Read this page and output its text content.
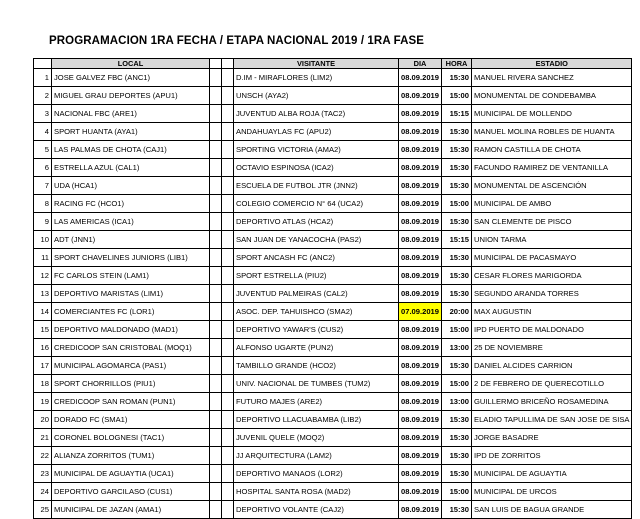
PROGRAMACION 1RA FECHA / ETAPA NACIONAL 2019 / 1RA FASE
	LOCAL			VISITANTE	DIA	HORA	ESTADIO
1	JOSE GALVEZ FBC (ANC1)			D.IM - MIRAFLORES (LIM2)	08.09.2019	15:30	MANUEL RIVERA SANCHEZ
2	MIGUEL GRAU DEPORTES (APU1)			UNSCH (AYA2)	08.09.2019	15:00	MONUMENTAL DE CONDEBAMBA
3	NACIONAL FBC (ARE1)			JUVENTUD ALBA ROJA (TAC2)	08.09.2019	15:15	MUNICIPAL DE MOLLENDO
4	SPORT HUANTA (AYA1)			ANDAHUAYLAS FC (APU2)	08.09.2019	15:30	MANUEL MOLINA ROBLES DE HUANTA
5	LAS PALMAS DE CHOTA (CAJ1)			SPORTING VICTORIA (AMA2)	08.09.2019	15:30	RAMON CASTILLA DE CHOTA
6	ESTRELLA AZUL (CAL1)			OCTAVIO ESPINOSA (ICA2)	08.09.2019	15:30	FACUNDO RAMIREZ DE VENTANILLA
7	UDA (HCA1)			ESCUELA DE FUTBOL JTR (JNN2)	08.09.2019	15:30	MONUMENTAL DE ASCENCIÓN
8	RACING FC (HCO1)			COLEGIO COMERCIO N° 64 (UCA2)	08.09.2019	15:00	MUNICIPAL DE AMBO
9	LAS AMERICAS (ICA1)			DEPORTIVO ATLAS (HCA2)	08.09.2019	15:30	SAN CLEMENTE DE PISCO
10	ADT (JNN1)			SAN JUAN DE YANACOCHA (PAS2)	08.09.2019	15:15	UNION TARMA
11	SPORT CHAVELINES JUNIORS (LIB1)			SPORT ANCASH FC (ANC2)	08.09.2019	15:30	MUNICIPAL DE PACASMAYO
12	FC CARLOS STEIN (LAM1)			SPORT ESTRELLA (PIU2)	08.09.2019	15:30	CESAR FLORES MARIGORDA
13	DEPORTIVO MARISTAS (LIM1)			JUVENTUD PALMEIRAS (CAL2)	08.09.2019	15:30	SEGUNDO ARANDA TORRES
14	COMERCIANTES FC (LOR1)			ASOC. DEP. TAHUISHCO (SMA2)	07.09.2019	20:00	MAX AUGUSTIN
15	DEPORTIVO MALDONADO (MAD1)			DEPORTIVO YAWAR'S (CUS2)	08.09.2019	15:00	IPD PUERTO DE MALDONADO
16	CREDICOOP SAN CRISTOBAL (MOQ1)			ALFONSO UGARTE (PUN2)	08.09.2019	13:00	25 DE NOVIEMBRE
17	MUNICIPAL AGOMARCA (PAS1)			TAMBILLO GRANDE (HCO2)	08.09.2019	15:30	DANIEL ALCIDES CARRION
18	SPORT CHORRILLOS (PIU1)			UNIV. NACIONAL DE TUMBES (TUM2)	08.09.2019	15:00	2 DE FEBRERO DE QUERECOTILLO
19	CREDICOOP SAN ROMAN (PUN1)			FUTURO MAJES (ARE2)	08.09.2019	13:00	GUILLERMO BRICEÑO ROSAMEDINA
20	DORADO FC (SMA1)			DEPORTIVO LLACUABAMBA (LIB2)	08.09.2019	15:30	ELADIO TAPULLIMA DE SAN JOSE DE SISA
21	CORONEL BOLOGNESI (TAC1)			JUVENIL QUELE (MOQ2)	08.09.2019	15:30	JORGE BASADRE
22	ALIANZA ZORRITOS (TUM1)			JJ ARQUITECTURA (LAM2)	08.09.2019	15:30	IPD DE ZORRITOS
23	MUNICIPAL DE AGUAYTIA (UCA1)			DEPORTIVO MANAOS (LOR2)	08.09.2019	15:30	MUNICIPAL DE AGUAYTIA
24	DEPORTIVO GARCILASO (CUS1)			HOSPITAL SANTA ROSA (MAD2)	08.09.2019	15:00	MUNICIPAL DE URCOS
25	MUNICIPAL DE JAZAN (AMA1)			DEPORTIVO VOLANTE (CAJ2)	08.09.2019	15:30	SAN LUIS DE BAGUA GRANDE
